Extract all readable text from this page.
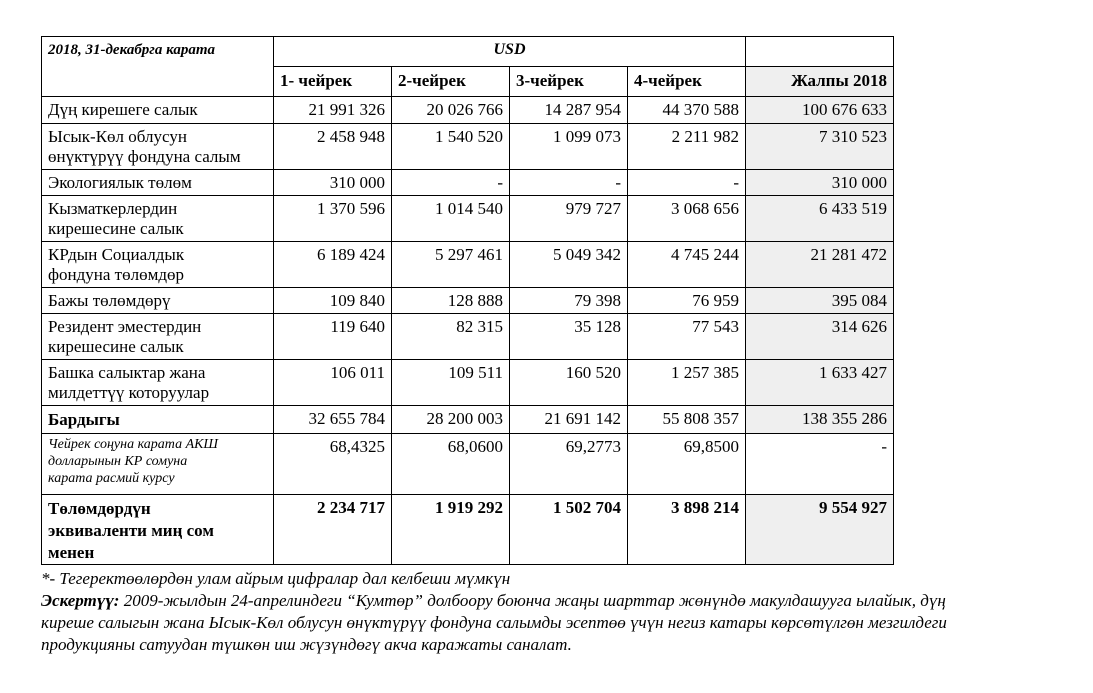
2018, 31-декабрга карата	USD				
	1- чейрек	2-чейрек	3-чейрек	4-чейрек	Жалпы 2018

Дүң кирешеге салык	21 991 326	20 026 766	14 287 954	44 370 588	100 676 633

Ысык-Көл облусун
өнүктүрүү фондуна салым	2 458 948	1 540 520	1 099 073	2 211 982	7 310 523

Экологиялык төлөм	310 000	-	-	-	310 000

Кызматкерлердин
кирешесине салык	1 370 596	1 014 540	979 727	3 068 656	6 433 519

КРдын Социалдык
фондуна төлөмдөр	6 189 424	5 297 461	5 049 342	4 745 244	21 281 472

Бажы төлөмдөрү	109 840	128 888	79 398	76 959	395 084

Резидент эместердин
кирешесине салык	119 640	82 315	35 128	77 543	314 626

Башка салыктар жана
милдеттүү которуулар	106 011	109 511	160 520	1 257 385	1 633 427
Бардыгы	32 655 784	28 200 003	21 691 142	55 808 357	138 355 286

Чейрек соңуна карата АКШ
долларынын КР сомуна
карата расмий курсу	68,4325	68,0600	69,2773	69,8500	-

Төлөмдөрдүн
эквиваленти миң сом
менен	2 234 717	1 919 292	1 502 704	3 898 214	9 554 927
*- Тегеректөөлөрдөн улам айрым цифралар дал келбеши мүмкүн
Эскертүү: 2009-жылдын 24-апрелиндеги “Кумтөр” долбоору боюнча жаңы шарттар жөнүндө макулдашууга ылайык, дүң
киреше салыгын жана Ысык-Көл облусун өнүктүрүү фондуна салымды эсептөө үчүн негиз катары көрсөтүлгөн мезгилдеги
продукцияны сатуудан түшкөн иш жүзүндөгү акча каражаты саналат.
